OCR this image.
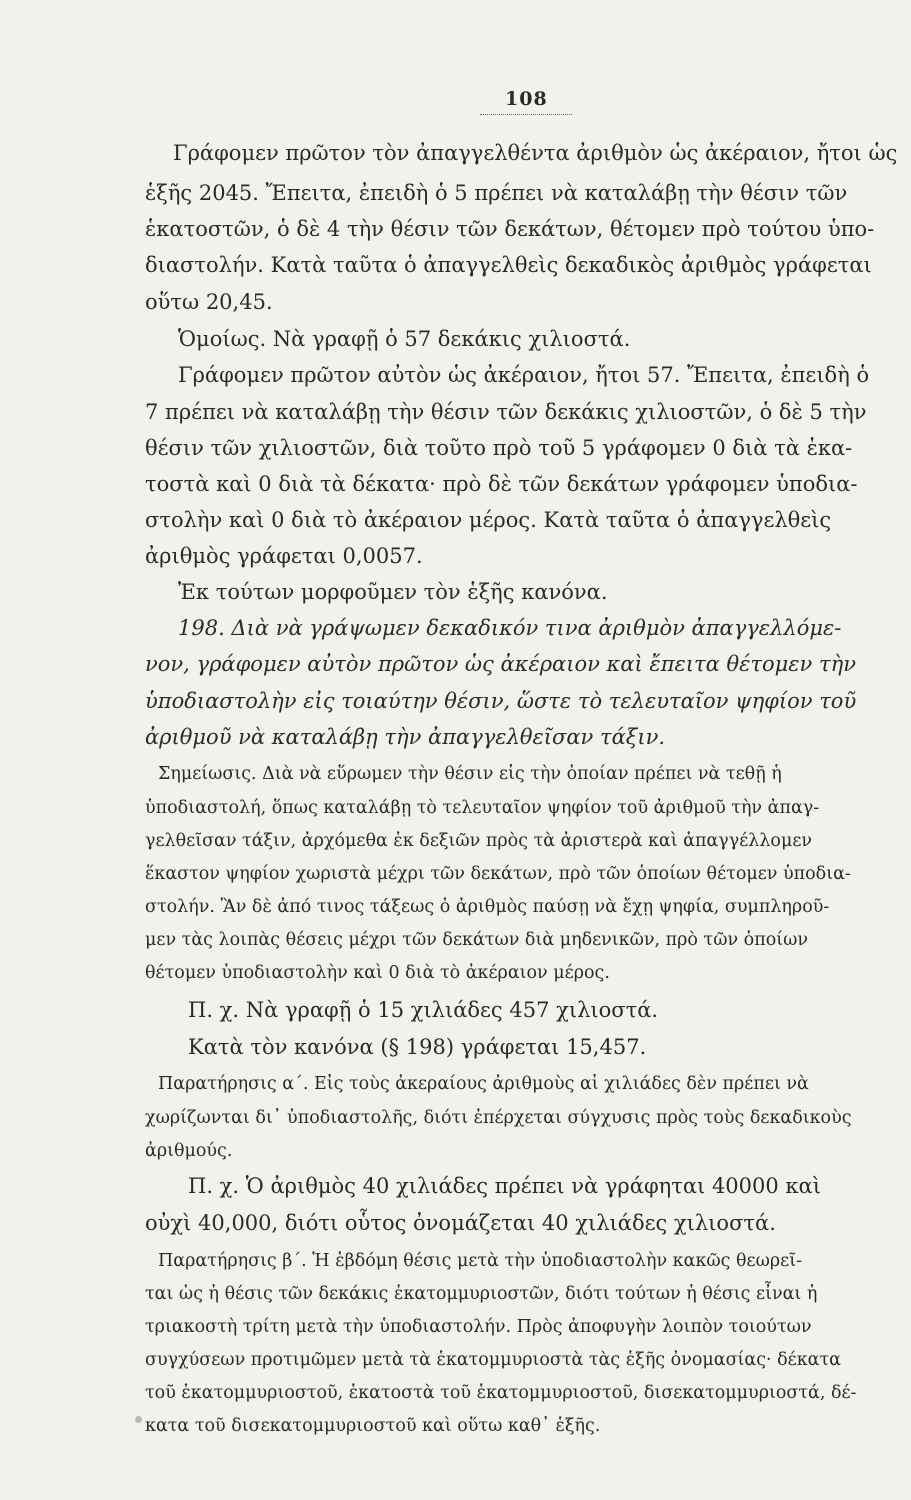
108
Γράφομεν πρῶτον τὸν ἀπαγγελθέντα ἀριθμὸν ὡς ἀκέραιον, ἤτοι ὡς
ἑξῆς 2045. Ἔπειτα, ἐπειδὴ ὁ 5 πρέπει νὰ καταλάβῃ τὴν θέσιν τῶν
ἑκατοστῶν, ὁ δὲ 4 τὴν θέσιν τῶν δεκάτων, θέτομεν πρὸ τούτου ὑπο-
διαστολήν. Κατὰ ταῦτα ὁ ἀπαγγελθεὶς δεκαδικὸς ἀριθμὸς γράφεται
οὕτω 20,45.
Ὁμοίως. Νὰ γραφῇ ὁ 57 δεκάκις χιλιοστά.
Γράφομεν πρῶτον αὐτὸν ὡς ἀκέραιον, ἤτοι 57. Ἔπειτα, ἐπειδὴ ὁ
7 πρέπει νὰ καταλάβῃ τὴν θέσιν τῶν δεκάκις χιλιοστῶν, ὁ δὲ 5 τὴν
θέσιν τῶν χιλιοστῶν, διὰ τοῦτο πρὸ τοῦ 5 γράφομεν 0 διὰ τὰ ἑκα-
τοστὰ καὶ 0 διὰ τὰ δέκατα· πρὸ δὲ τῶν δεκάτων γράφομεν ὑποδια-
στολὴν καὶ 0 διὰ τὸ ἀκέραιον μέρος. Κατὰ ταῦτα ὁ ἀπαγγελθεὶς
ἀριθμὸς γράφεται 0,0057.
Ἐκ τούτων μορφοῦμεν τὸν ἑξῆς κανόνα.
198. Διὰ νὰ γράψωμεν δεκαδικόν τινα ἀριθμὸν ἀπαγγελλόμε-
νον, γράφομεν αὐτὸν πρῶτον ὡς ἀκέραιον καὶ ἔπειτα θέτομεν τὴν
ὑποδιαστολὴν εἰς τοιαύτην θέσιν, ὥστε τὸ τελευταῖον ψηφίον τοῦ
ἀριθμοῦ νὰ καταλάβῃ τὴν ἀπαγγελθεῖσαν τάξιν.
Σημείωσις. Διὰ νὰ εὕρωμεν τὴν θέσιν εἰς τὴν ὁποίαν πρέπει νὰ τεθῇ ἡ
ὑποδιαστολή, ὅπως καταλάβῃ τὸ τελευταῖον ψηφίον τοῦ ἀριθμοῦ τὴν ἀπαγ-
γελθεῖσαν τάξιν, ἀρχόμεθα ἐκ δεξιῶν πρὸς τὰ ἀριστερὰ καὶ ἀπαγγέλλομεν
ἕκαστον ψηφίον χωριστὰ μέχρι τῶν δεκάτων, πρὸ τῶν ὁποίων θέτομεν ὑποδια-
στολήν. Ἂν δὲ ἀπό τινος τάξεως ὁ ἀριθμὸς παύσῃ νὰ ἔχῃ ψηφία, συμπληροῦ-
μεν τὰς λοιπὰς θέσεις μέχρι τῶν δεκάτων διὰ μηδενικῶν, πρὸ τῶν ὁποίων
θέτομεν ὑποδιαστολὴν καὶ 0 διὰ τὸ ἀκέραιον μέρος.
Π. χ. Νὰ γραφῇ ὁ 15 χιλιάδες 457 χιλιοστά.
Κατὰ τὸν κανόνα (§ 198) γράφεται 15,457.
Παρατήρησις α΄. Εἰς τοὺς ἀκεραίους ἀριθμοὺς αἱ χιλιάδες δὲν πρέπει νὰ
χωρίζωνται δι᾽ ὑποδιαστολῆς, διότι ἐπέρχεται σύγχυσις πρὸς τοὺς δεκαδικοὺς
ἀριθμούς.
Π. χ. Ὁ ἀριθμὸς 40 χιλιάδες πρέπει νὰ γράφηται 40000 καὶ
οὐχὶ 40,000, διότι οὗτος ὀνομάζεται 40 χιλιάδες χιλιοστά.
Παρατήρησις β΄. Ἡ ἑβδόμη θέσις μετὰ τὴν ὑποδιαστολὴν κακῶς θεωρεῖ-
ται ὡς ἡ θέσις τῶν δεκάκις ἑκατομμυριοστῶν, διότι τούτων ἡ θέσις εἶναι ἡ
τριακοστὴ τρίτη μετὰ τὴν ὑποδιαστολήν. Πρὸς ἀποφυγὴν λοιπὸν τοιούτων
συγχύσεων προτιμῶμεν μετὰ τὰ ἑκατομμυριοστὰ τὰς ἑξῆς ὀνομασίας· δέκατα
τοῦ ἑκατομμυριοστοῦ, ἑκατοστὰ τοῦ ἑκατομμυριοστοῦ, δισεκατομμυριοστά, δέ-
κατα τοῦ δισεκατομμυριοστοῦ καὶ οὕτω καθ᾽ ἑξῆς.
